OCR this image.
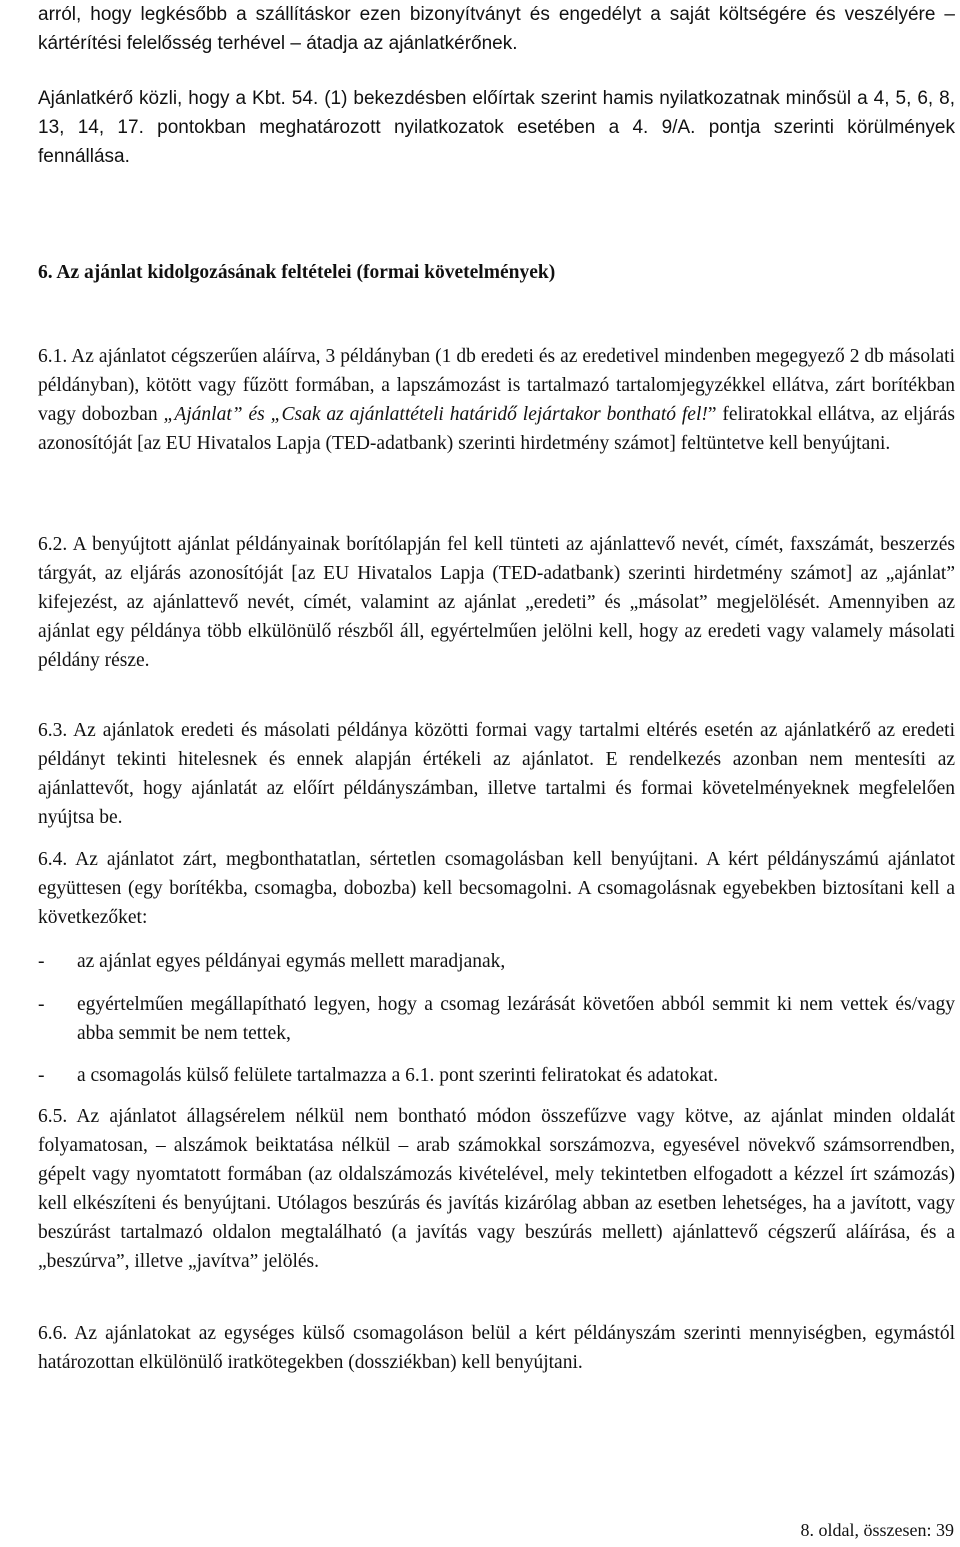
arról, hogy legkésőbb a szállításkor ezen bizonyítványt és engedélyt a saját költségére és veszélyére – kártérítési felelősség terhével – átadja az ajánlatkérőnek.

Ajánlatkérő közli, hogy a Kbt. 54. (1) bekezdésben előírtak szerint hamis nyilatkozatnak minősül a 4, 5, 6, 8, 13, 14, 17. pontokban meghatározott nyilatkozatok esetében a 4. 9/A. pontja szerinti körülmények fennállása.

6. Az ajánlat kidolgozásának feltételei (formai követelmények)

6.1. Az ajánlatot cégszerűen aláírva, 3 példányban (1 db eredeti és az eredetivel mindenben megegyező 2 db másolati példányban), kötött vagy fűzött formában, a lapszámozást is tartalmazó tartalomjegyzékkel ellátva, zárt borítékban vagy dobozban „Ajánlat” és „Csak az ajánlattételi határidő lejártakor bontható fel!” feliratokkal ellátva, az eljárás azonosítóját [az EU Hivatalos Lapja (TED-adatbank) szerinti hirdetmény számot] feltüntetve kell benyújtani.

6.2. A benyújtott ajánlat példányainak borítólapján fel kell tünteti az ajánlattevő nevét, címét, faxszámát, beszerzés tárgyát, az eljárás azonosítóját [az EU Hivatalos Lapja (TED-adatbank) szerinti hirdetmény számot] az „ajánlat” kifejezést, az ajánlattevő nevét, címét, valamint az ajánlat „eredeti” és „másolat” megjelölését. Amennyiben az ajánlat egy példánya több elkülönülő részből áll, egyértelműen jelölni kell, hogy az eredeti vagy valamely másolati példány része.

6.3. Az ajánlatok eredeti és másolati példánya közötti formai vagy tartalmi eltérés esetén az ajánlatkérő az eredeti példányt tekinti hitelesnek és ennek alapján értékeli az ajánlatot. E rendelkezés azonban nem mentesíti az ajánlattevőt, hogy ajánlatát az előírt példányszámban, illetve tartalmi és formai követelményeknek megfelelően nyújtsa be.

6.4. Az ajánlatot zárt, megbonthatatlan, sértetlen csomagolásban kell benyújtani. A kért példányszámú ajánlatot együttesen (egy borítékba, csomagba, dobozba) kell becsomagolni. A csomagolásnak egyebekben biztosítani kell a következőket:

-	az ajánlat egyes példányai egymás mellett maradjanak,
-	egyértelműen megállapítható legyen, hogy a csomag lezárását követően abból semmit ki nem vettek és/vagy abba semmit be nem tettek,
-	a csomagolás külső felülete tartalmazza a 6.1. pont szerinti feliratokat és adatokat.

6.5. Az ajánlatot állagsérelem nélkül nem bontható módon összefűzve vagy kötve, az ajánlat minden oldalát folyamatosan, – alszámok beiktatása nélkül – arab számokkal sorszámozva, egyesével növekvő számsorrendben, gépelt vagy nyomtatott formában (az oldalszámozás kivételével, mely tekintetben elfogadott a kézzel írt számozás) kell elkészíteni és benyújtani. Utólagos beszúrás és javítás kizárólag abban az esetben lehetséges, ha a javított, vagy beszúrást tartalmazó oldalon megtalálható (a javítás vagy beszúrás mellett) ajánlattevő cégszerű aláírása, és a „beszúrva”, illetve „javítva” jelölés.

6.6. Az ajánlatokat az egységes külső csomagoláson belül a kért példányszám szerinti mennyiségben, egymástól határozottan elkülönülő iratkötegekben (dossziékban) kell benyújtani.

8. oldal, összesen: 39
